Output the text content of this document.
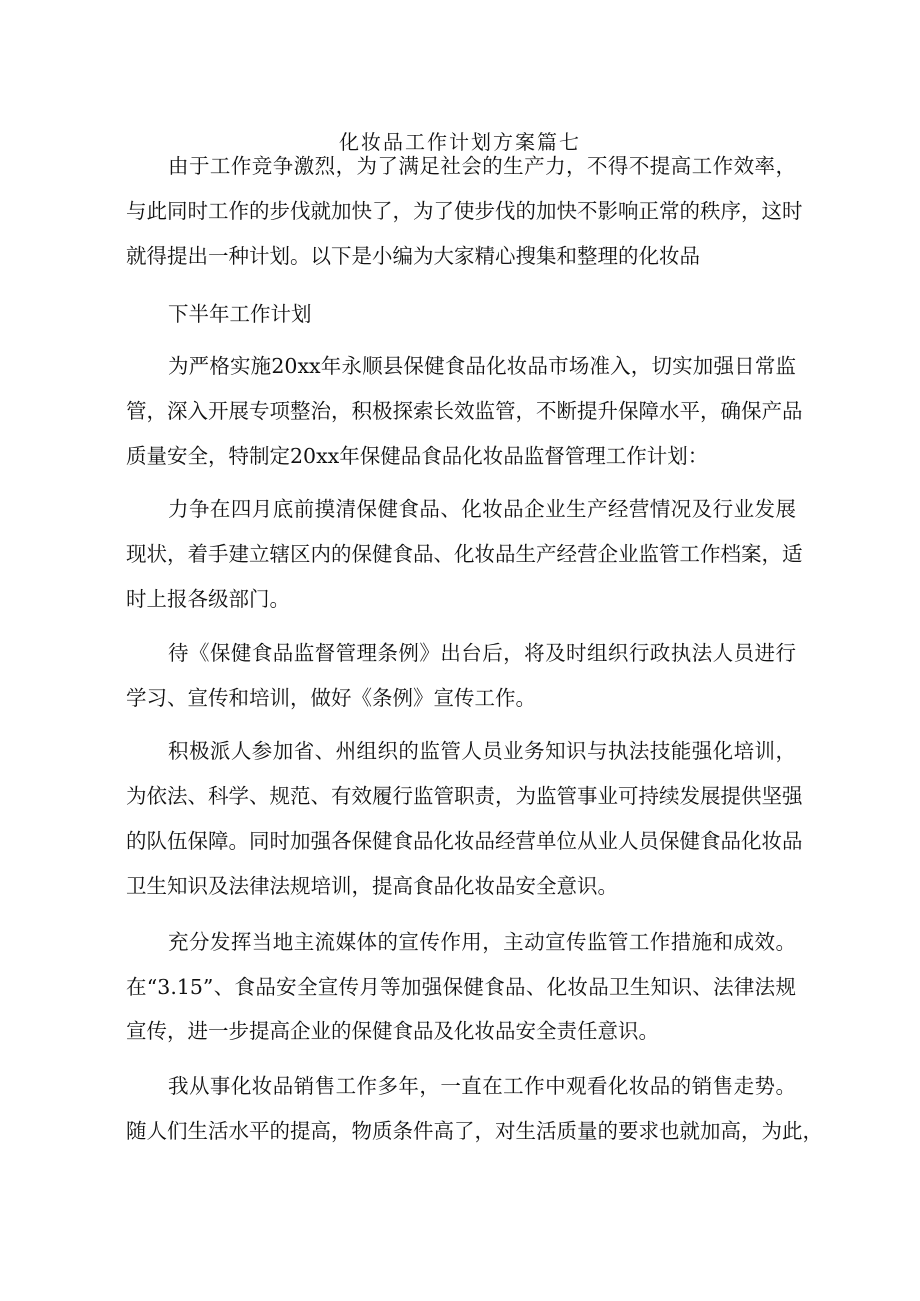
化妆品工作计划方案篇七
由于工作竞争激烈，为了满足社会的生产力，不得不提高工作效率，
与此同时工作的步伐就加快了，为了使步伐的加快不影响正常的秩序，这时
就得提出一种计划。以下是小编为大家精心搜集和整理的化妆品
下半年工作计划
为严格实施20xx年永顺县保健食品化妆品市场准入，切实加强日常监
管，深入开展专项整治，积极探索长效监管，不断提升保障水平，确保产品
质量安全，特制定20xx年保健品食品化妆品监督管理工作计划：
力争在四月底前摸清保健食品、化妆品企业生产经营情况及行业发展
现状，着手建立辖区内的保健食品、化妆品生产经营企业监管工作档案，适
时上报各级部门。
待《保健食品监督管理条例》出台后，将及时组织行政执法人员进行
学习、宣传和培训，做好《条例》宣传工作。
积极派人参加省、州组织的监管人员业务知识与执法技能强化培训，
为依法、科学、规范、有效履行监管职责，为监管事业可持续发展提供坚强
的队伍保障。同时加强各保健食品化妆品经营单位从业人员保健食品化妆品
卫生知识及法律法规培训，提高食品化妆品安全意识。
充分发挥当地主流媒体的宣传作用，主动宣传监管工作措施和成效。
在“3.15”、食品安全宣传月等加强保健食品、化妆品卫生知识、法律法规
宣传，进一步提高企业的保健食品及化妆品安全责任意识。
我从事化妆品销售工作多年，一直在工作中观看化妆品的销售走势。
随人们生活水平的提高，物质条件高了，对生活质量的要求也就加高，为此，
